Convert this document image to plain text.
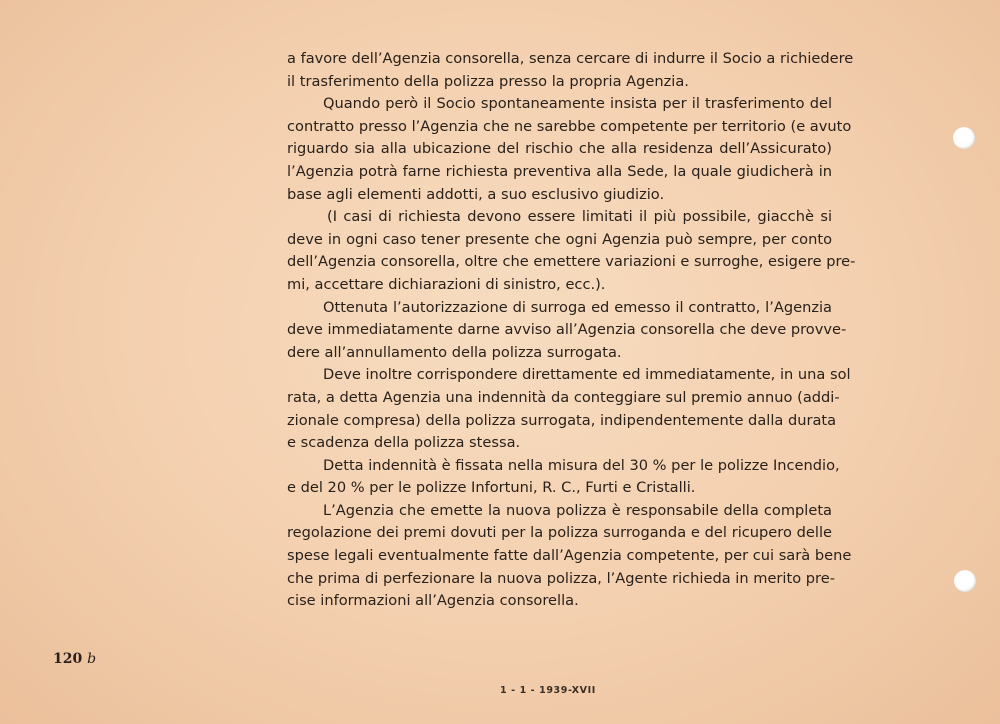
a favore dell’Agenzia consorella, senza cercare di indurre il Socio a richiedere
il trasferimento della polizza presso la propria Agenzia.
Quando però il Socio spontaneamente insista per il trasferimento del
contratto presso l’Agenzia che ne sarebbe competente per territorio (e avuto
riguardo sia alla ubicazione del rischio che alla residenza dell’Assicurato)
l’Agenzia potrà farne richiesta preventiva alla Sede, la quale giudicherà in
base agli elementi addotti, a suo esclusivo giudizio.
(I casi di richiesta devono essere limitati il più possibile, giacchè si
deve in ogni caso tener presente che ogni Agenzia può sempre, per conto
dell’Agenzia consorella, oltre che emettere variazioni e surroghe, esigere pre-
mi, accettare dichiarazioni di sinistro, ecc.).
Ottenuta l’autorizzazione di surroga ed emesso il contratto, l’Agenzia
deve immediatamente darne avviso all’Agenzia consorella che deve provve-
dere all’annullamento della polizza surrogata.
Deve inoltre corrispondere direttamente ed immediatamente, in una sol
rata, a detta Agenzia una indennità da conteggiare sul premio annuo (addi-
zionale compresa) della polizza surrogata, indipendentemente dalla durata
e scadenza della polizza stessa.
Detta indennità è fissata nella misura del 30 % per le polizze Incendio,
e del 20 % per le polizze Infortuni, R. C., Furti e Cristalli.
L’Agenzia che emette la nuova polizza è responsabile della completa
regolazione dei premi dovuti per la polizza surroganda e del ricupero delle
spese legali eventualmente fatte dall’Agenzia competente, per cui sarà bene
che prima di perfezionare la nuova polizza, l’Agente richieda in merito pre-
cise informazioni all’Agenzia consorella.
120 b
1 - 1 - 1939-XVII
